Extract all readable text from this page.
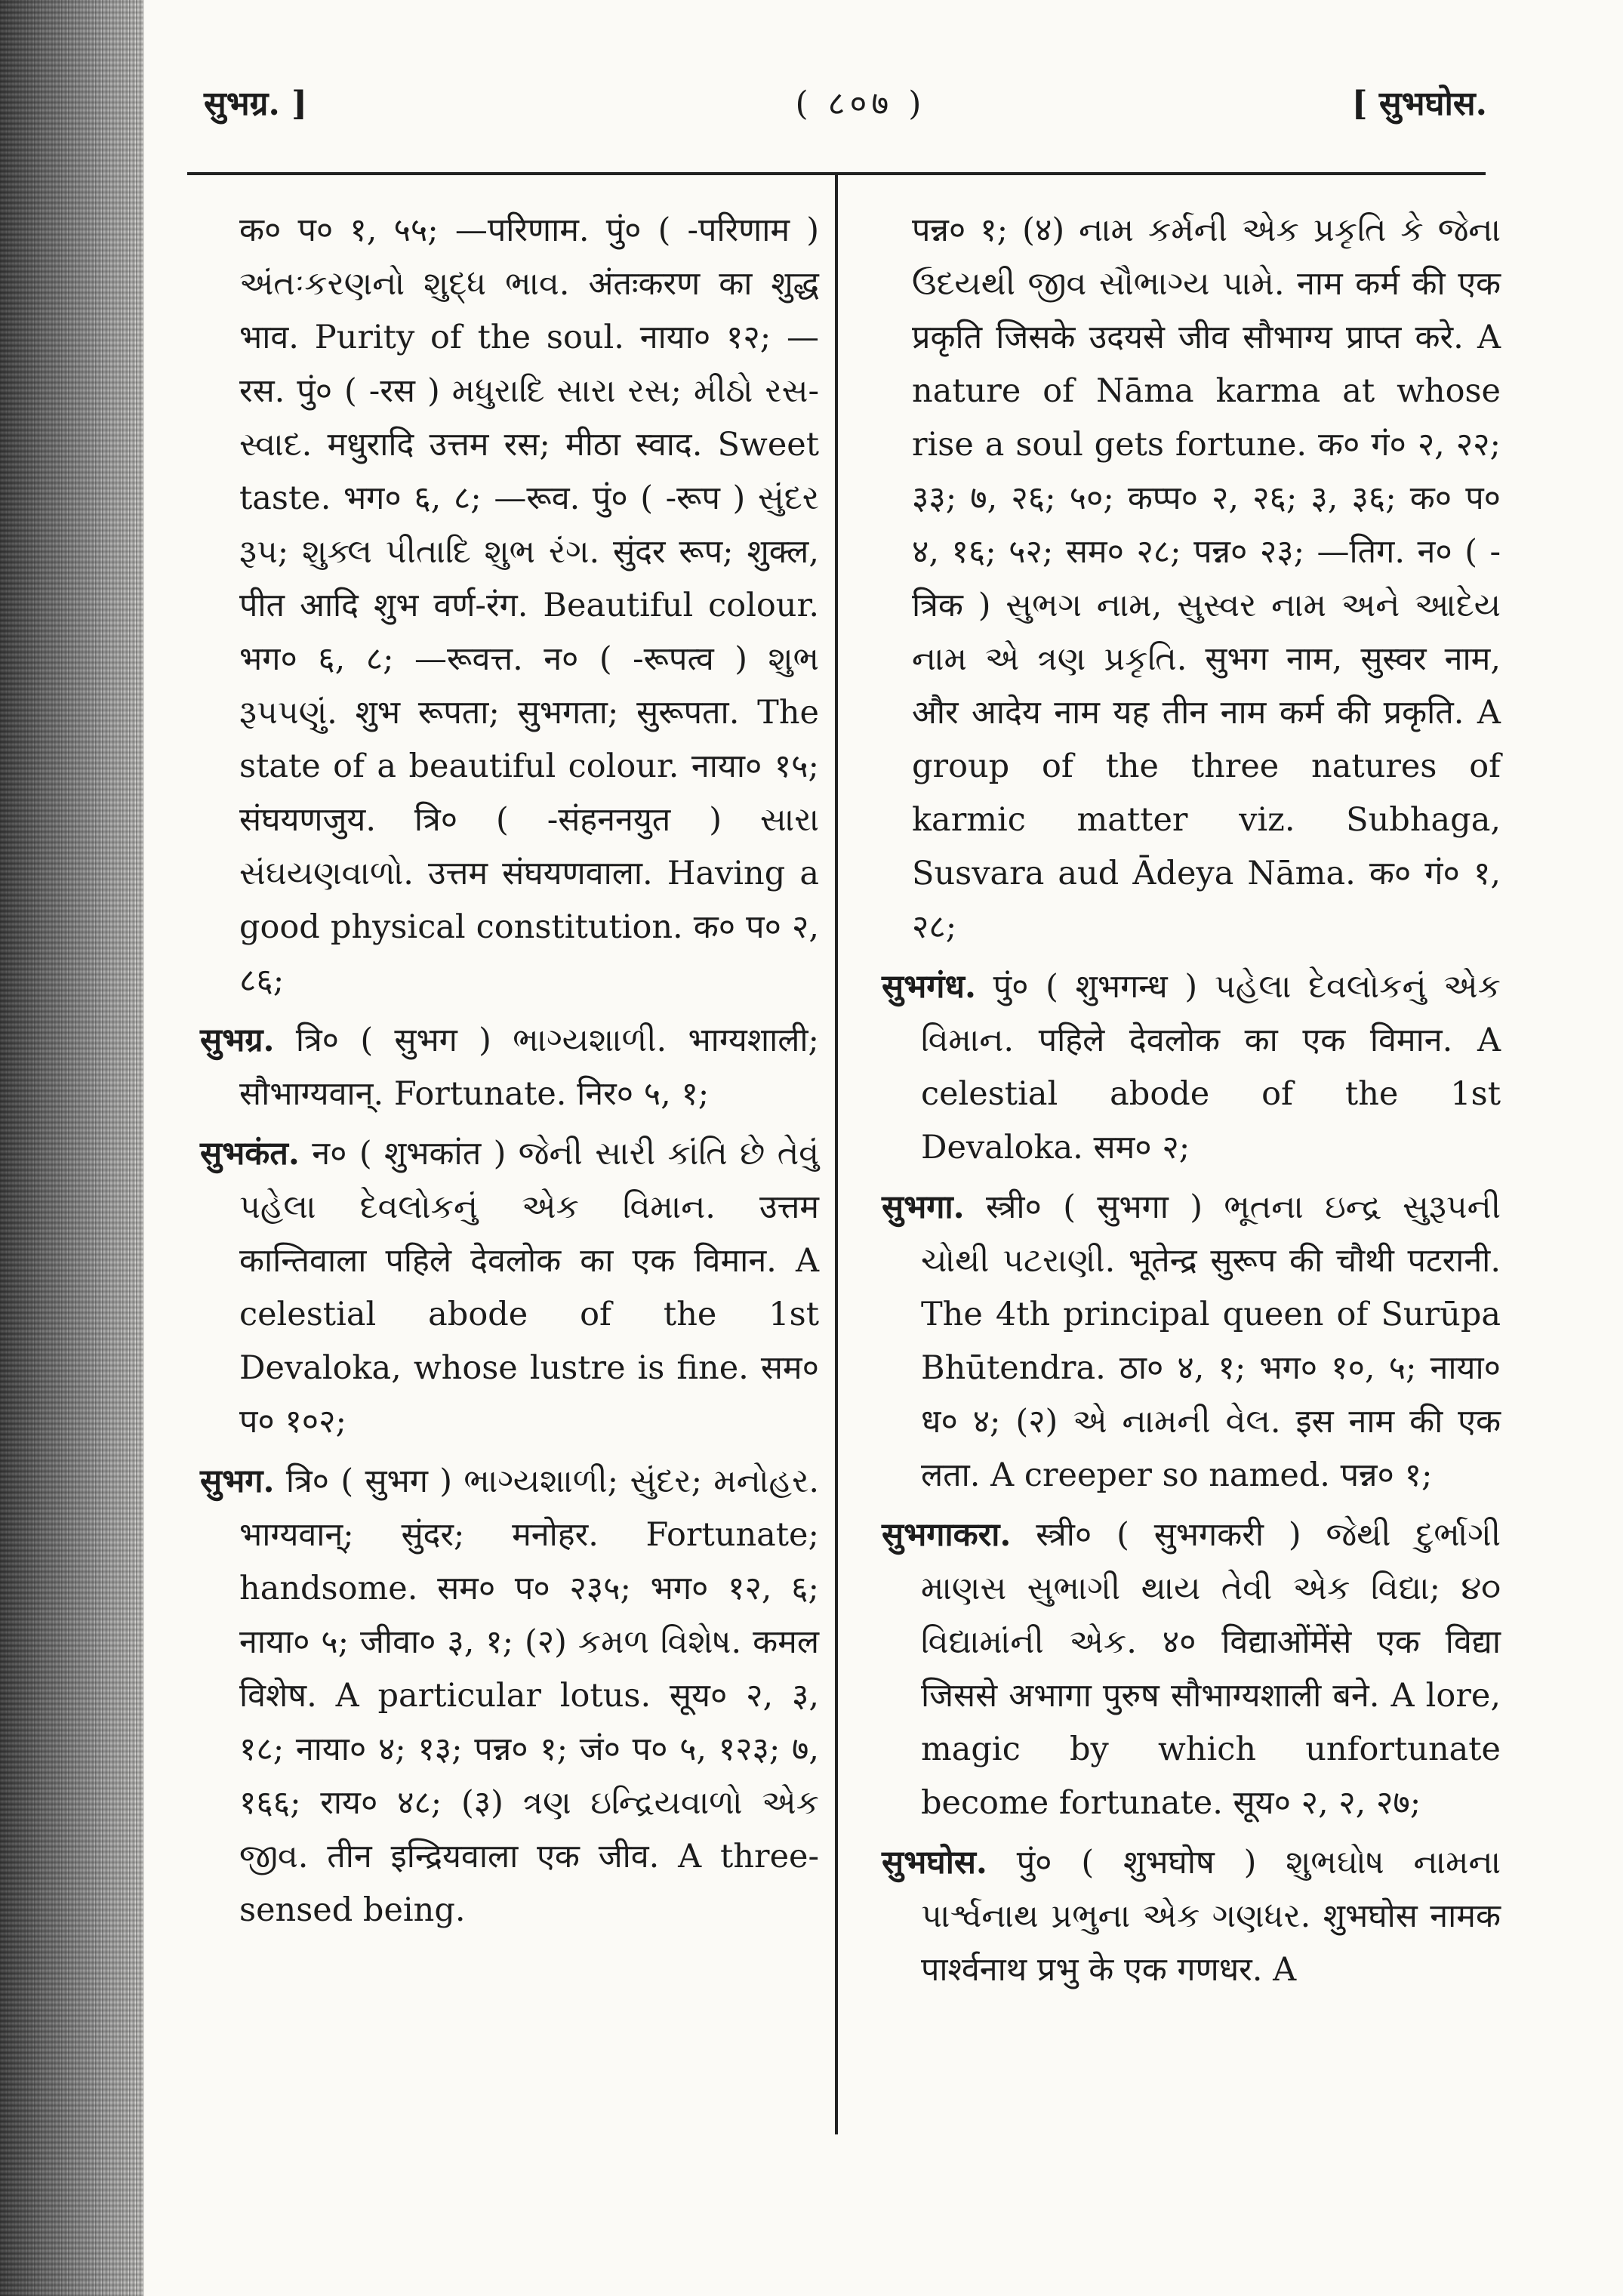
सुभग्र. ]	( ८०७ )	[ सुभघोस.

क० प० १, ५५; —परिणाम. पुं० ( -परिणाम ) અંતઃકરણનો શુદ્ધ ભાવ. अंतःकरण का शुद्ध भाव. Purity of the soul. नाया० १२; —रस. पुं० ( -रस ) મધુરાદિ સારા રસ; મીઠો રસ-સ્વાદ. मधुरादि उत्तम रस; मीठा स्वाद. Sweet taste. भग० ६, ८; —रूव. पुं० ( -रूप ) સુંદર રૂપ; શુક્લ પીતાદિ શુભ રંગ. सुंदर रूप; शुक्ल, पीत आदि शुभ वर्ण-रंग. Beautiful colour. भग० ६, ८; —रूवत्त. न० ( -रूपत्व ) શુભ રૂપપણું. शुभ रूपता; सुभगता; सुरूपता. The state of a beautiful colour. नाया० १५; संघयणजुय. त्रि० ( -संहननयुत ) સારા સંઘયણવાળો. उत्तम संघयणवाला. Having a good physical constitution. क० प० २, ८६;

सुभग्र. त्रि० ( सुभग ) ભાગ્યશાળી. भाग्यशाली; सौभाग्यवान्. Fortunate. निर० ५, १;

सुभकंत. न० ( शुभकांत ) જેની સારી કાંતિ છે તેવું પહેલા દેવલોકનું એક વિમાન. उत्तम कान्तिवाला पहिले देवलोक का एक विमान. A celestial abode of the 1st Devaloka, whose lustre is fine. सम० प० १०२;

सुभग. त्रि० ( सुभग ) ભાગ્યશાળી; સુંદર; મનોહર. भाग्यवान्; सुंदर; मनोहर. Fortunate; handsome. सम० प० २३५; भग० १२, ६; नाया० ५; जीवा० ३, १; (२) કમળ વિશેષ. कमल विशेष. A particular lotus. सूय० २, ३, १८; नाया० ४; १३; पन्न० १; जं० प० ५, १२३; ७, १६६; राय० ४८; (३) ત્રણ ઇન્દ્રિયવાળો એક જીવ. तीन इन्द्रियवाला एक जीव. A three-sensed being.

पन्न० १; (४) નામ કર્મની એક પ્રકૃતિ કે જેના ઉદયથી જીવ સૌભાગ્ય પામે. नाम कर्म की एक प्रकृति जिसके उदयसे जीव सौभाग्य प्राप्त करे. A nature of Nāma karma at whose rise a soul gets fortune. क० गं० २, २२; ३३; ७, २६; ५०; कप्प० २, २६; ३, ३६; क० प० ४, १६; ५२; सम० २८; पन्न० २३; —तिग. न० ( -त्रिक ) સુભગ નામ, સુસ્વર નામ અને આદેય નામ એ ત્રણ પ્રકૃતિ. सुभग नाम, सुस्वर नाम, और आदेय नाम यह तीन नाम कर्म की प्रकृति. A group of the three natures of karmic matter viz. Subhaga, Susvara aud Ādeya Nāma. क० गं० १, २८;

सुभगंध. पुं० ( शुभगन्ध ) પહેલા દેવલોકનું એક વિમાન. पहिले देवलोक का एक विमान. A celestial abode of the 1st Devaloka. सम० २;

सुभगा. स्त्री० ( सुभगा ) ભૂતના ઇન્દ્ર સુરૂપની ચોથી પટરાણી. भूतेन्द्र सुरूप की चौथी पटरानी. The 4th principal queen of Surūpa Bhūtendra. ठा० ४, १; भग० १०, ५; नाया० ध० ४; (२) એ નામની વેલ. इस नाम की एक लता. A creeper so named. पन्न० १;

सुभगाकरा. स्त्री० ( सुभगकरी ) જેથી દુર્ભાગી માણસ સુભાગી થાય તેવી એક વિદ્યા; ૪૦ વિદ્યામાંની એક. ४० विद्याओंमेंसे एक विद्या जिससे अभागा पुरुष सौभाग्यशाली बने. A lore, magic by which unfortunate become fortunate. सूय० २, २, २७;

सुभघोस. पुं० ( शुभघोष ) શુભઘોષ નામના પાર્શ્વનાથ પ્રભુના એક ગણધર. शुभघोस नामक पार्श्वनाथ प्रभु के एक गणधर. A
